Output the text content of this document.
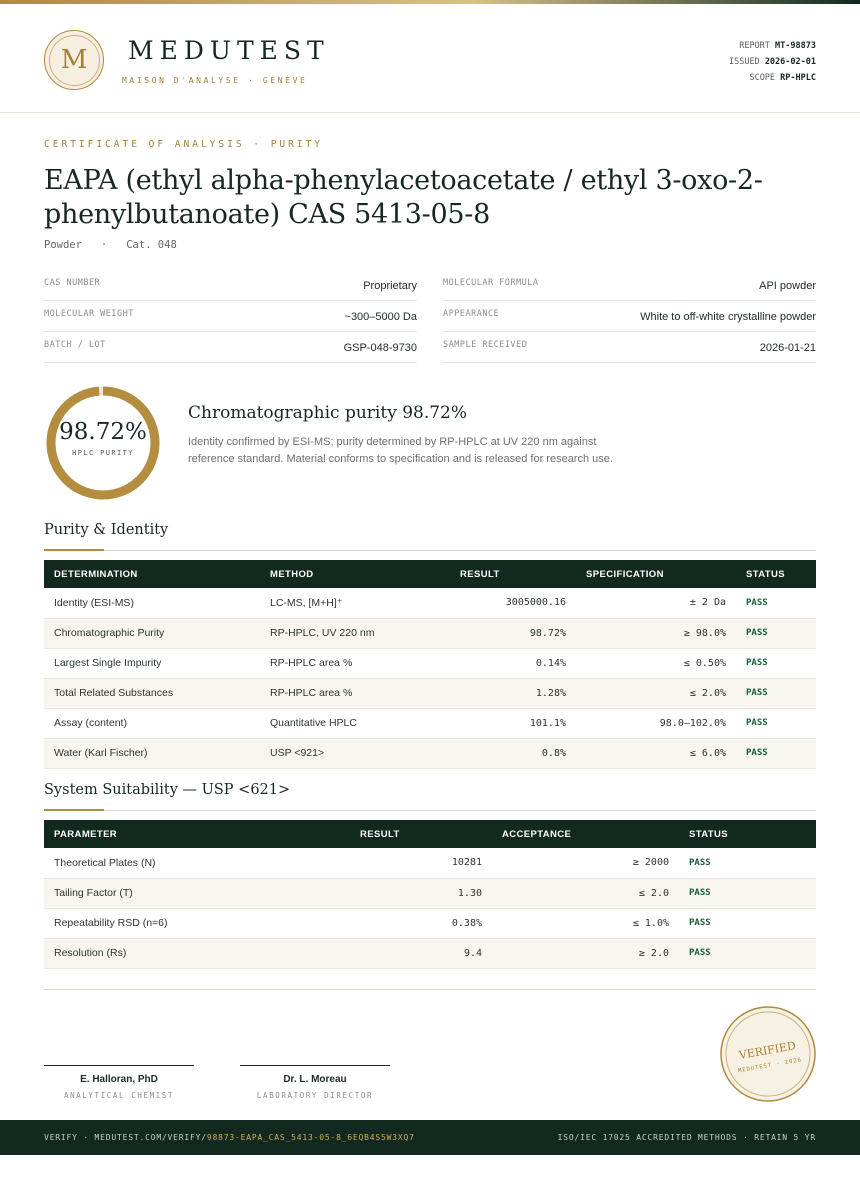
M MEDUTEST
MAISON D'ANALYSE · GENÈVE
REPORT MT-98873
ISSUED 2026-02-01
SCOPE RP-HPLC
CERTIFICATE OF ANALYSIS · PURITY
EAPA (ethyl alpha-phenylacetoacetate / ethyl 3-oxo-2-phenylbutanoate) CAS 5413-05-8
Powder   ·   Cat. 048
CAS NUMBER	Proprietary
MOLECULAR WEIGHT	~300–5000 Da
BATCH / LOT	GSP-048-9730
MOLECULAR FORMULA	API powder
APPEARANCE	White to off-white crystalline powder
SAMPLE RECEIVED	2026-01-21
98.72%
HPLC PURITY
Chromatographic purity 98.72%
Identity confirmed by ESI-MS; purity determined by RP-HPLC at UV 220 nm against reference standard. Material conforms to specification and is released for research use.
Purity & Identity
DETERMINATION	METHOD	RESULT	SPECIFICATION	STATUS
Identity (ESI-MS)	LC-MS, [M+H]⁺	3005000.16	± 2 Da	PASS
Chromatographic Purity	RP-HPLC, UV 220 nm	98.72%	≥ 98.0%	PASS
Largest Single Impurity	RP-HPLC area %	0.14%	≤ 0.50%	PASS
Total Related Substances	RP-HPLC area %	1.28%	≤ 2.0%	PASS
Assay (content)	Quantitative HPLC	101.1%	98.0–102.0%	PASS
Water (Karl Fischer)	USP <921>	0.8%	≤ 6.0%	PASS
System Suitability — USP <621>
PARAMETER	RESULT	ACCEPTANCE	STATUS
Theoretical Plates (N)	10281	≥ 2000	PASS
Tailing Factor (T)	1.30	≤ 2.0	PASS
Repeatability RSD (n=6)	0.38%	≤ 1.0%	PASS
Resolution (Rs)	9.4	≥ 2.0	PASS
E. Halloran, PhD
ANALYTICAL CHEMIST
Dr. L. Moreau
LABORATORY DIRECTOR
VERIFIED
MEDUTEST · 2026
VERIFY · MEDUTEST.COM/VERIFY/98873-EAPA_CAS_5413-05-8_6EQB4S5W3XQ7	ISO/IEC 17025 ACCREDITED METHODS · RETAIN 5 YR
